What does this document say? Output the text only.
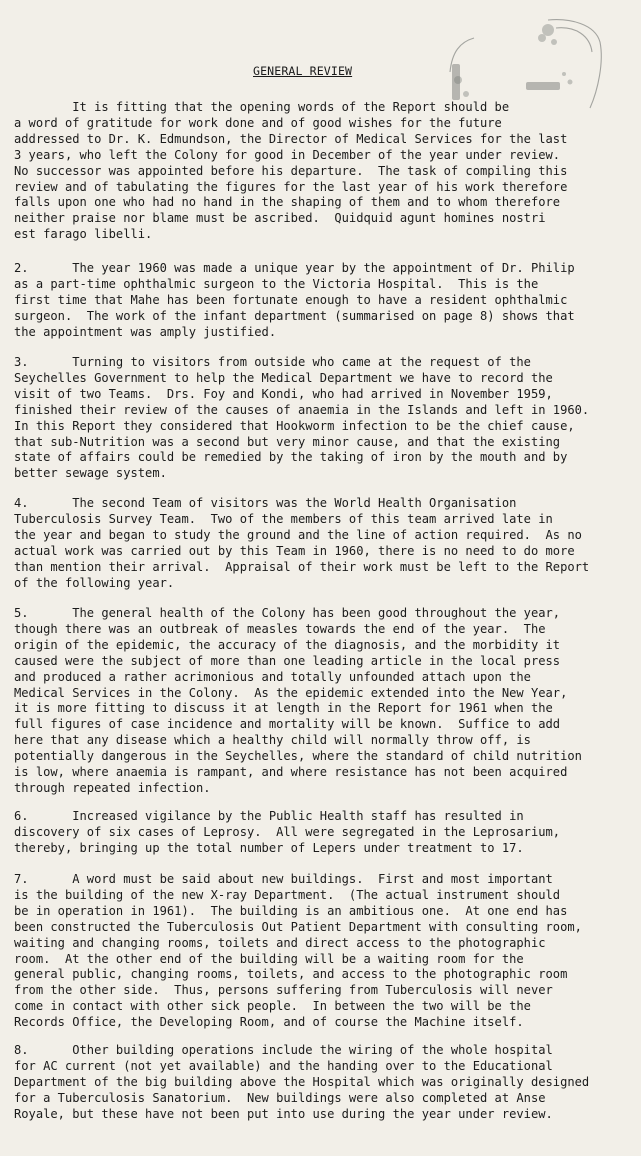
GENERAL REVIEW

It is fitting that the opening words of the Report should be

a word of gratitude for work done and of good wishes for the future

addressed to Dr. K. Edmundson, the Director of Medical Services for the last

3 years, who left the Colony for good in December of the year under review.

No successor was appointed before his departure.  The task of compiling this

review and of tabulating the figures for the last year of his work therefore

falls upon one who had no hand in the shaping of them and to whom therefore

neither praise nor blame must be ascribed.  Quidquid agunt homines nostri

est farago libelli.

2.      The year 1960 was made a unique year by the appointment of Dr. Philip

as a part-time ophthalmic surgeon to the Victoria Hospital.  This is the

first time that Mahe has been fortunate enough to have a resident ophthalmic

surgeon.  The work of the infant department (summarised on page 8) shows that

the appointment was amply justified.

3.      Turning to visitors from outside who came at the request of the

Seychelles Government to help the Medical Department we have to record the

visit of two Teams.  Drs. Foy and Kondi, who had arrived in November 1959,

finished their review of the causes of anaemia in the Islands and left in 1960.

In this Report they considered that Hookworm infection to be the chief cause,

that sub-Nutrition was a second but very minor cause, and that the existing

state of affairs could be remedied by the taking of iron by the mouth and by

better sewage system.

4.      The second Team of visitors was the World Health Organisation

Tuberculosis Survey Team.  Two of the members of this team arrived late in

the year and began to study the ground and the line of action required.  As no

actual work was carried out by this Team in 1960, there is no need to do more

than mention their arrival.  Appraisal of their work must be left to the Report

of the following year.

5.      The general health of the Colony has been good throughout the year,

though there was an outbreak of measles towards the end of the year.  The

origin of the epidemic, the accuracy of the diagnosis, and the morbidity it

caused were the subject of more than one leading article in the local press

and produced a rather acrimonious and totally unfounded attach upon the

Medical Services in the Colony.  As the epidemic extended into the New Year,

it is more fitting to discuss it at length in the Report for 1961 when the

full figures of case incidence and mortality will be known.  Suffice to add

here that any disease which a healthy child will normally throw off, is

potentially dangerous in the Seychelles, where the standard of child nutrition

is low, where anaemia is rampant, and where resistance has not been acquired

through repeated infection.

6.      Increased vigilance by the Public Health staff has resulted in

discovery of six cases of Leprosy.  All were segregated in the Leprosarium,

thereby, bringing up the total number of Lepers under treatment to 17.

7.      A word must be said about new buildings.  First and most important

is the building of the new X-ray Department.  (The actual instrument should

be in operation in 1961).  The building is an ambitious one.  At one end has

been constructed the Tuberculosis Out Patient Department with consulting room,

waiting and changing rooms, toilets and direct access to the photographic

room.  At the other end of the building will be a waiting room for the

general public, changing rooms, toilets, and access to the photographic room

from the other side.  Thus, persons suffering from Tuberculosis will never

come in contact with other sick people.  In between the two will be the

Records Office, the Developing Room, and of course the Machine itself.

8.      Other building operations include the wiring of the whole hospital

for AC current (not yet available) and the handing over to the Educational

Department of the big building above the Hospital which was originally designed

for a Tuberculosis Sanatorium.  New buildings were also completed at Anse

Royale, but these have not been put into use during the year under review.
